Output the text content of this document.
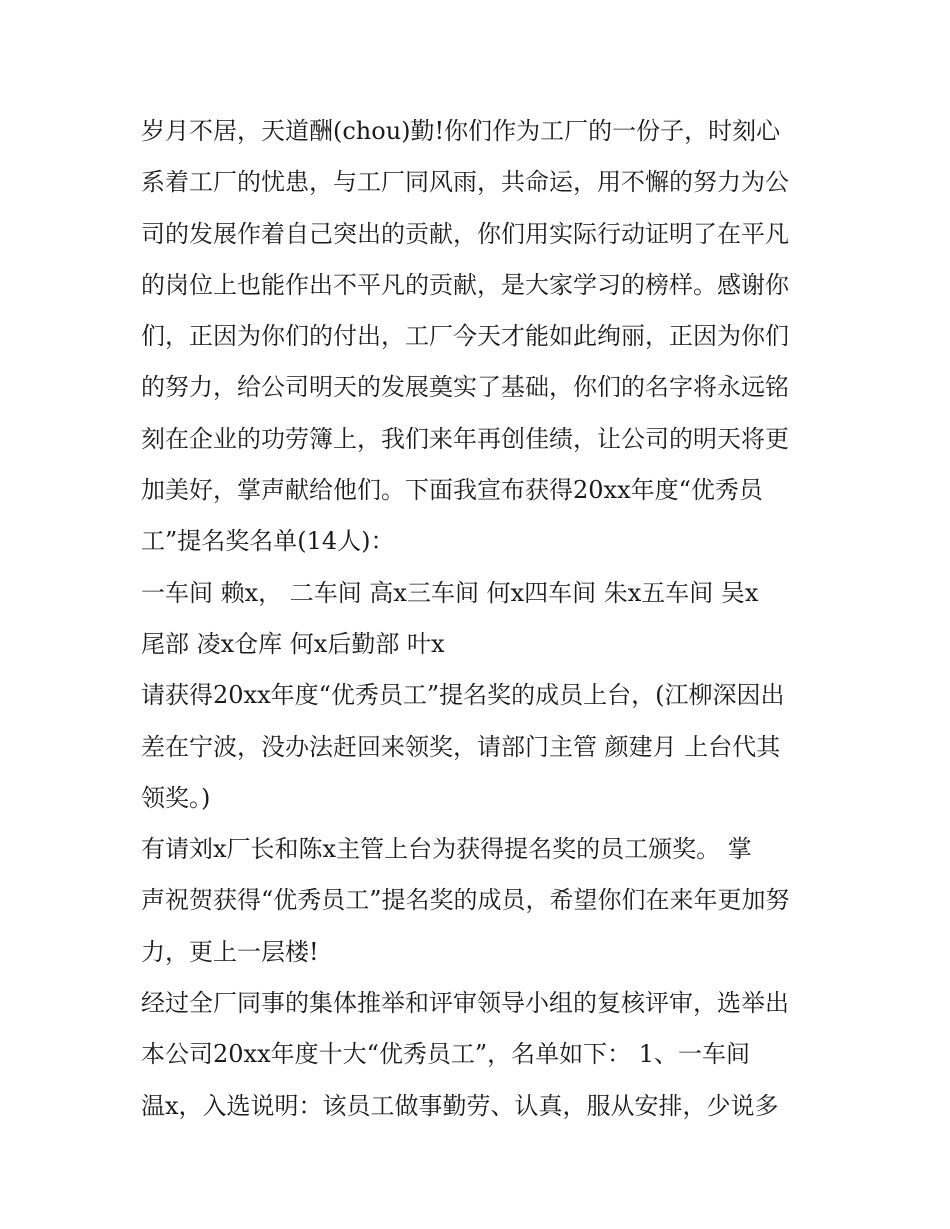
岁月不居，天道酬(chou)勤!你们作为工厂的一份子，时刻心
系着工厂的忧患，与工厂同风雨，共命运，用不懈的努力为公
司的发展作着自己突出的贡献，你们用实际行动证明了在平凡
的岗位上也能作出不平凡的贡献，是大家学习的榜样。感谢你
们，正因为你们的付出，工厂今天才能如此绚丽，正因为你们
的努力，给公司明天的发展奠实了基础，你们的名字将永远铭
刻在企业的功劳簿上，我们来年再创佳绩，让公司的明天将更
加美好，掌声献给他们。下面我宣布获得20xx年度“优秀员
工”提名奖名单(14人)：
一车间 赖x， 二车间 高x三车间 何x四车间 朱x五车间 吴x
尾部 凌x仓库 何x后勤部 叶x
请获得20xx年度“优秀员工”提名奖的成员上台，(江柳深因出
差在宁波，没办法赶回来领奖，请部门主管 颜建月 上台代其
领奖。)
有请刘x厂长和陈x主管上台为获得提名奖的员工颁奖。 掌
声祝贺获得“优秀员工”提名奖的成员，希望你们在来年更加努
力，更上一层楼!
经过全厂同事的集体推举和评审领导小组的复核评审，选举出
本公司20xx年度十大“优秀员工”，名单如下： 1、一车间
温x，入选说明：该员工做事勤劳、认真，服从安排，少说多
